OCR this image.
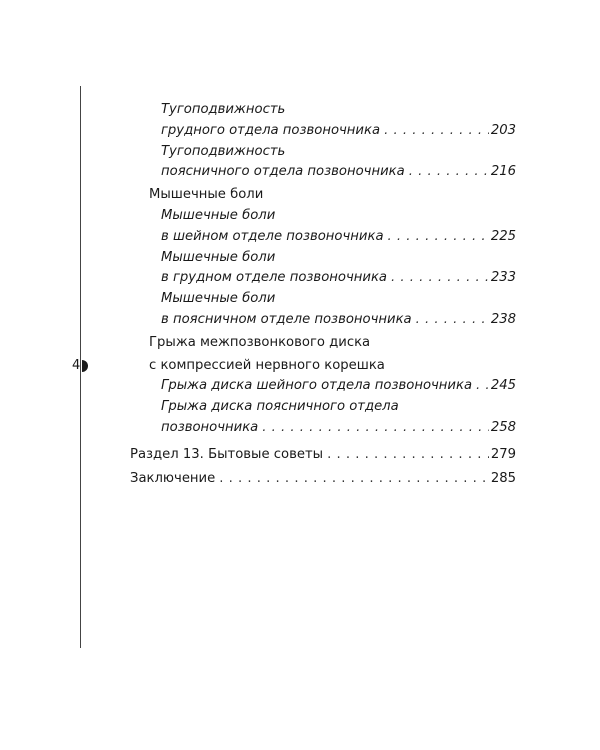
4
Тугоподвижность
грудного отдела позвоночника . . .	203
Тугоподвижность
поясничного отдела позвоночника . . .	216
Мышечные боли
Мышечные боли
в шейном отделе позвоночника . . .	225
Мышечные боли
в грудном отделе позвоночника . . .	233
Мышечные боли
в поясничном отделе позвоночника . . .	238
Грыжа межпозвонкового диска
с компрессией нервного корешка
Грыжа диска шейного отдела позвоночника . . . 245
Грыжа диска поясничного отдела
позвоночника . . .	258
Раздел 13. Бытовые советы . . .	279
Заключение . . .	285
